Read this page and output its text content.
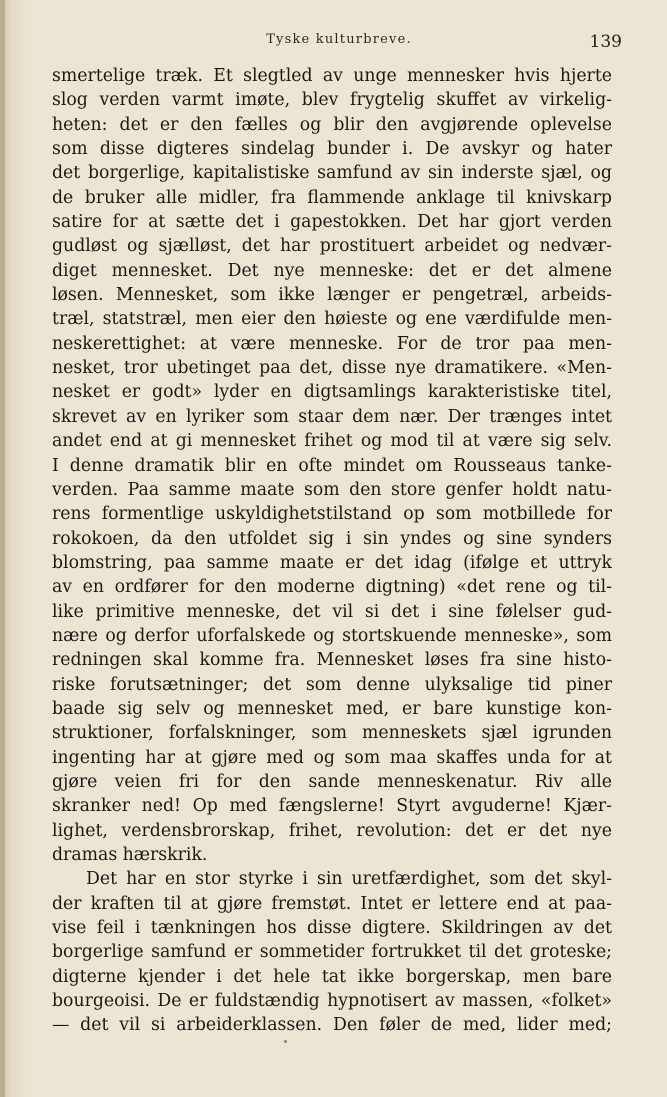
Tyske kulturbreve.	139
smertelige træk. Et slegtled av unge mennesker hvis hjerte
slog verden varmt imøte, blev frygtelig skuffet av virkelig-
heten: det er den fælles og blir den avgjørende oplevelse
som disse digteres sindelag bunder i. De avskyr og hater
det borgerlige, kapitalistiske samfund av sin inderste sjæl, og
de bruker alle midler, fra flammende anklage til knivskarp
satire for at sætte det i gapestokken. Det har gjort verden
gudløst og sjælløst, det har prostituert arbeidet og nedvær-
diget mennesket. Det nye menneske: det er det almene
løsen. Mennesket, som ikke længer er pengetræl, arbeids-
træl, statstræl, men eier den høieste og ene værdifulde men-
neskerettighet: at være menneske. For de tror paa men-
nesket, tror ubetinget paa det, disse nye dramatikere. «Men-
nesket er godt» lyder en digtsamlings karakteristiske titel,
skrevet av en lyriker som staar dem nær. Der trænges intet
andet end at gi mennesket frihet og mod til at være sig selv.
I denne dramatik blir en ofte mindet om Rousseaus tanke-
verden. Paa samme maate som den store genfer holdt natu-
rens formentlige uskyldighetstilstand op som motbillede for
rokokoen, da den utfoldet sig i sin yndes og sine synders
blomstring, paa samme maate er det idag (ifølge et uttryk
av en ordfører for den moderne digtning) «det rene og til-
like primitive menneske, det vil si det i sine følelser gud-
nære og derfor uforfalskede og stortskuende menneske», som
redningen skal komme fra. Mennesket løses fra sine histo-
riske forutsætninger; det som denne ulyksalige tid piner
baade sig selv og mennesket med, er bare kunstige kon-
struktioner, forfalskninger, som menneskets sjæl igrunden
ingenting har at gjøre med og som maa skaffes unda for at
gjøre veien fri for den sande menneskenatur. Riv alle
skranker ned! Op med fængslerne! Styrt avguderne! Kjær-
lighet, verdensbrorskap, frihet, revolution: det er det nye
dramas hærskrik.
Det har en stor styrke i sin uretfærdighet, som det skyl-
der kraften til at gjøre fremstøt. Intet er lettere end at paa-
vise feil i tænkningen hos disse digtere. Skildringen av det
borgerlige samfund er sommetider fortrukket til det groteske;
digterne kjender i det hele tat ikke borgerskap, men bare
bourgeoisi. De er fuldstændig hypnotisert av massen, «folket»
— det vil si arbeiderklassen. Den føler de med, lider med;
